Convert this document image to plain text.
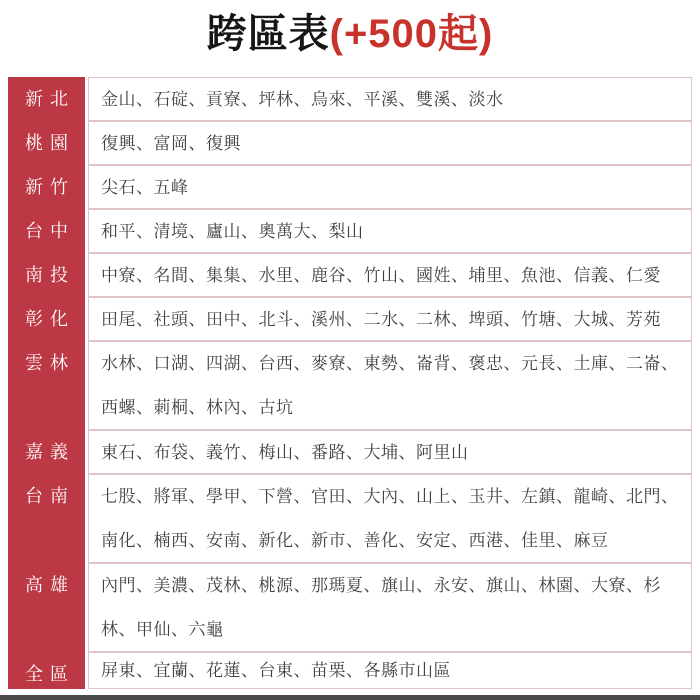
跨區表(+500起)
新北	金山、石碇、貢寮、坪林、烏來、平溪、雙溪、淡水
桃園	復興、富岡、復興
新竹	尖石、五峰
台中	和平、清境、廬山、奧萬大、梨山
南投	中寮、名間、集集、水里、鹿谷、竹山、國姓、埔里、魚池、信義、仁愛
彰化	田尾、社頭、田中、北斗、溪州、二水、二林、埤頭、竹塘、大城、芳苑
雲林	水林、口湖、四湖、台西、麥寮、東勢、崙背、褒忠、元長、土庫、二崙、西螺、莿桐、林內、古坑
嘉義	東石、布袋、義竹、梅山、番路、大埔、阿里山
台南	七股、將軍、學甲、下營、官田、大內、山上、玉井、左鎮、龍崎、北門、南化、楠西、安南、新化、新市、善化、安定、西港、佳里、麻豆
高雄	內門、美濃、茂林、桃源、那瑪夏、旗山、永安、旗山、林園、大寮、杉林、甲仙、六龜
全區	屏東、宜蘭、花蓮、台東、苗栗、各縣市山區
